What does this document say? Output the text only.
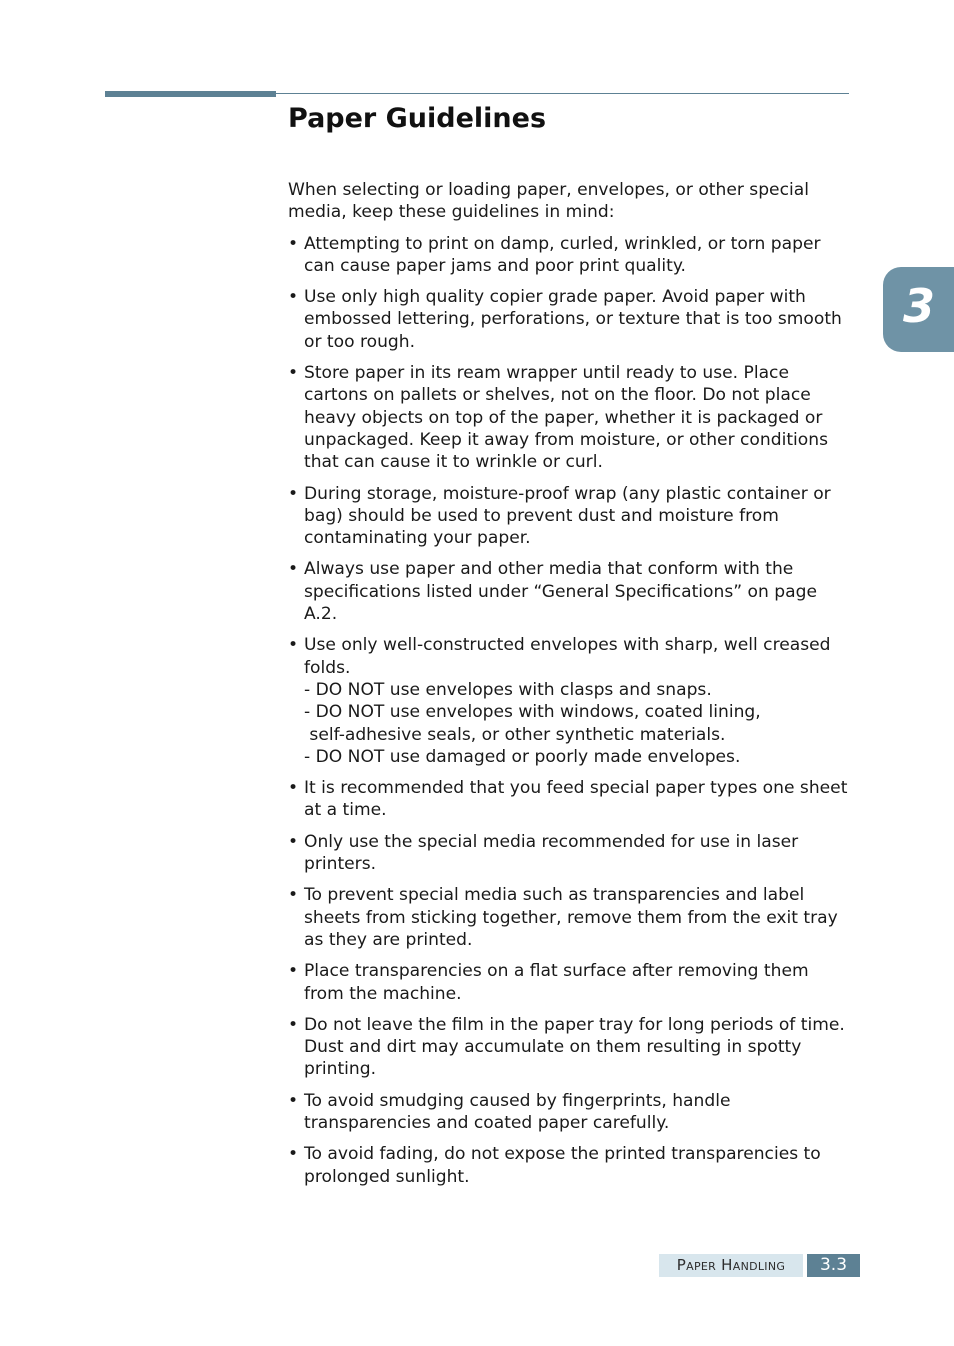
Paper Guidelines

When selecting or loading paper, envelopes, or other special media, keep these guidelines in mind:

• Attempting to print on damp, curled, wrinkled, or torn paper can cause paper jams and poor print quality.
• Use only high quality copier grade paper. Avoid paper with embossed lettering, perforations, or texture that is too smooth or too rough.
• Store paper in its ream wrapper until ready to use. Place cartons on pallets or shelves, not on the floor. Do not place heavy objects on top of the paper, whether it is packaged or unpackaged. Keep it away from moisture, or other conditions that can cause it to wrinkle or curl.
• During storage, moisture-proof wrap (any plastic container or bag) should be used to prevent dust and moisture from contaminating your paper.
• Always use paper and other media that conform with the specifications listed under “General Specifications” on page A.2.
• Use only well-constructed envelopes with sharp, well creased folds.
- DO NOT use envelopes with clasps and snaps.
- DO NOT use envelopes with windows, coated lining,
self-adhesive seals, or other synthetic materials.
- DO NOT use damaged or poorly made envelopes.
• It is recommended that you feed special paper types one sheet at a time.
• Only use the special media recommended for use in laser printers.
• To prevent special media such as transparencies and label sheets from sticking together, remove them from the exit tray as they are printed.
• Place transparencies on a flat surface after removing them from the machine.
• Do not leave the film in the paper tray for long periods of time. Dust and dirt may accumulate on them resulting in spotty printing.
• To avoid smudging caused by fingerprints, handle transparencies and coated paper carefully.
• To avoid fading, do not expose the printed transparencies to prolonged sunlight.
3
Paper Handling	3.3
